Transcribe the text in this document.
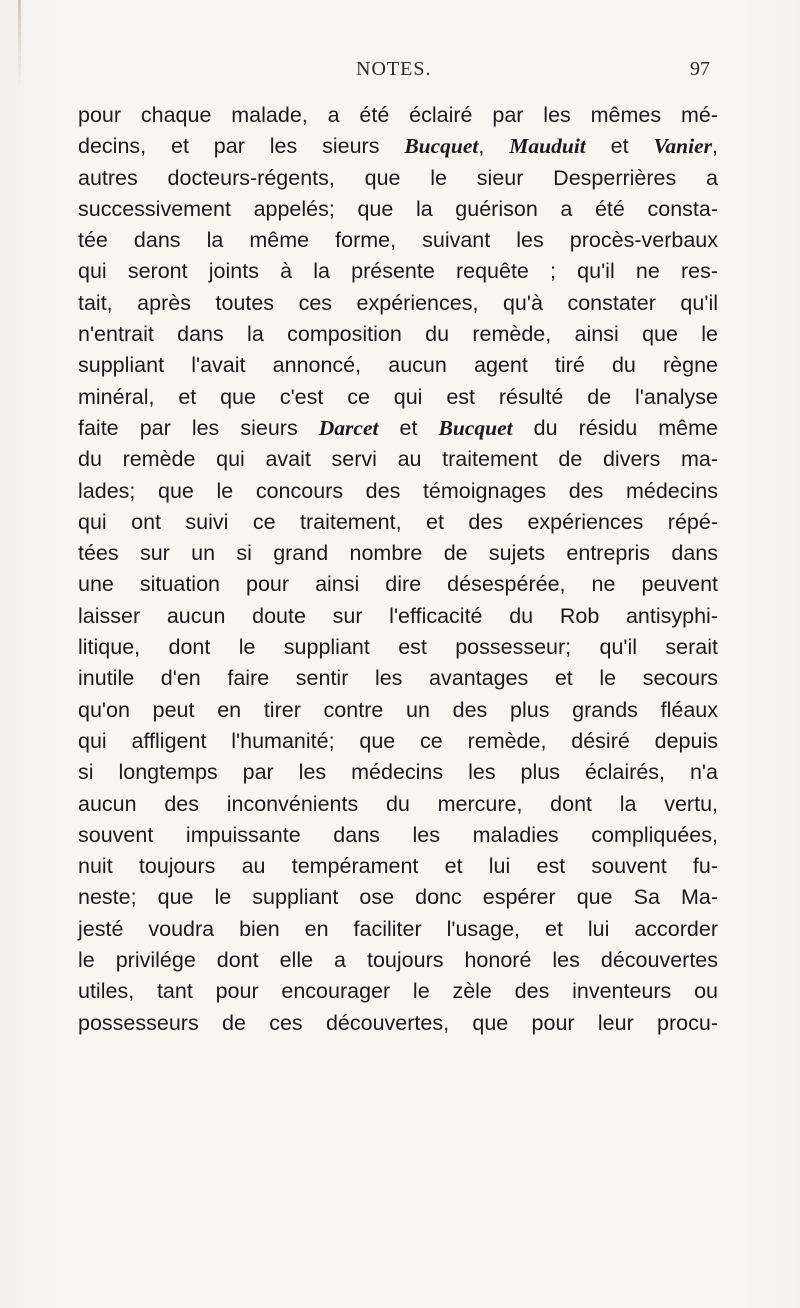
NOTES.	97
pour chaque malade, a été éclairé par les mêmes mé-
decins, et par les sieurs Bucquet, Mauduit et Vanier,
autres docteurs-régents, que le sieur Desperrières a
successivement appelés; que la guérison a été consta-
tée dans la même forme, suivant les procès-verbaux
qui seront joints à la présente requête ; qu'il ne res-
tait, après toutes ces expériences, qu'à constater qu'il
n'entrait dans la composition du remède, ainsi que le
suppliant l'avait annoncé, aucun agent tiré du règne
minéral, et que c'est ce qui est résulté de l'analyse
faite par les sieurs Darcet et Bucquet du résidu même
du remède qui avait servi au traitement de divers ma-
lades; que le concours des témoignages des médecins
qui ont suivi ce traitement, et des expériences répé-
tées sur un si grand nombre de sujets entrepris dans
une situation pour ainsi dire désespérée, ne peuvent
laisser aucun doute sur l'efficacité du Rob antisyphi-
litique, dont le suppliant est possesseur; qu'il serait
inutile d'en faire sentir les avantages et le secours
qu'on peut en tirer contre un des plus grands fléaux
qui affligent l'humanité; que ce remède, désiré depuis
si longtemps par les médecins les plus éclairés, n'a
aucun des inconvénients du mercure, dont la vertu,
souvent impuissante dans les maladies compliquées,
nuit toujours au tempérament et lui est souvent fu-
neste; que le suppliant ose donc espérer que Sa Ma-
jesté voudra bien en faciliter l'usage, et lui accorder
le privilége dont elle a toujours honoré les découvertes
utiles, tant pour encourager le zèle des inventeurs ou
possesseurs de ces découvertes, que pour leur procu-
